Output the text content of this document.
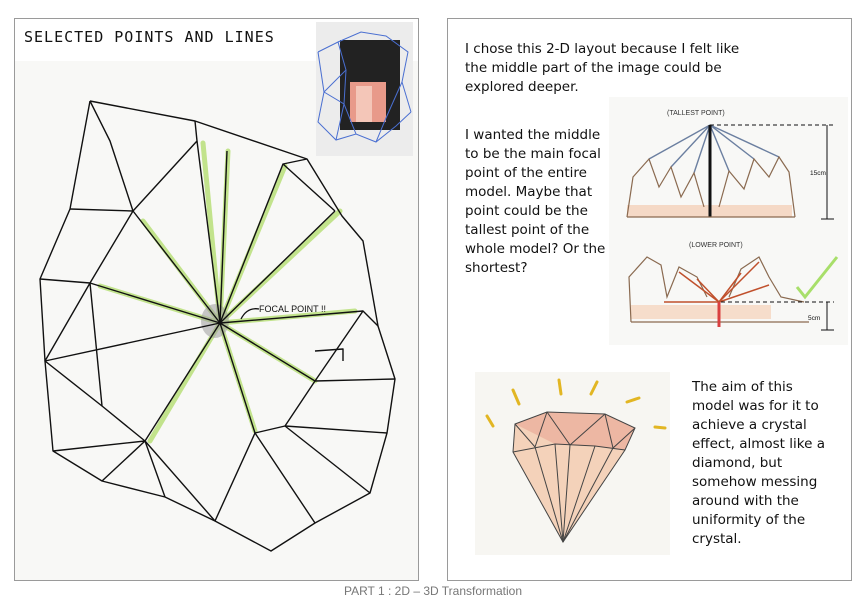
SELECTED POINTS AND LINES
FOCAL POINT !!

I chose this 2-D layout because I felt like the middle part of the image could be explored deeper.

I wanted the middle to be the main focal point of the entire model. Maybe that point could be the tallest point of the whole model? Or the shortest?

(TALLEST POINT)
15cm
(LOWER POINT)
5cm

The aim of this model was for it to achieve a crystal effect, almost like a diamond, but somehow messing around with the uniformity of the crystal.

PART 1 : 2D – 3D Transformation
